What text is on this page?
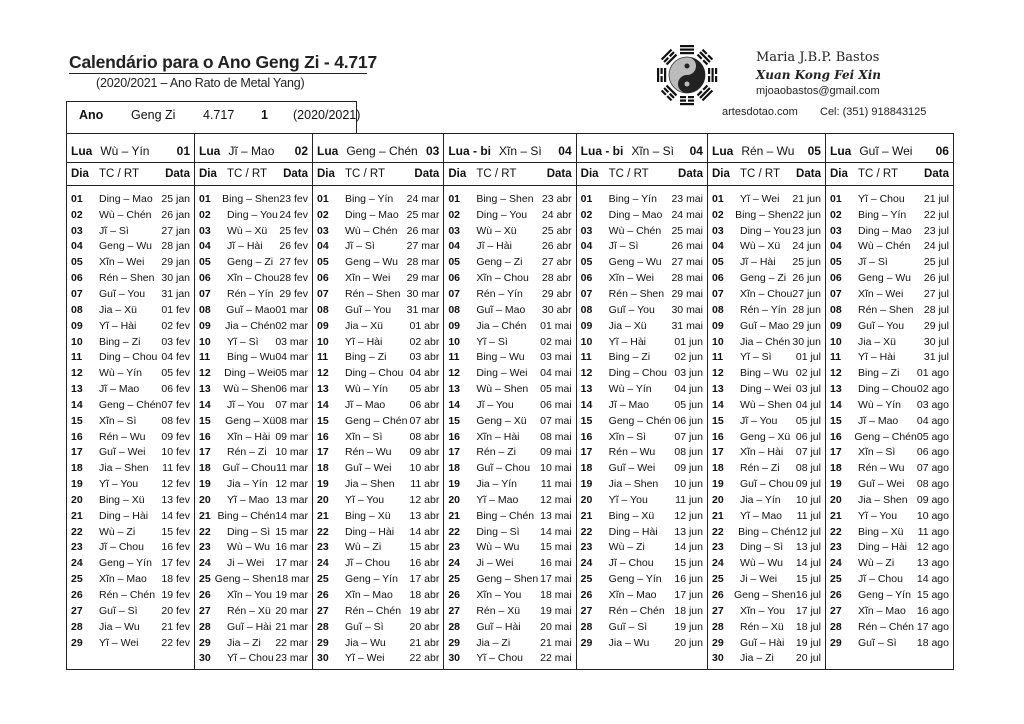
Calendário para o Ano Geng Zi - 4.717
(2020/2021 – Ano Rato de Metal Yang)
Ano Geng Zi 4.717 1 (2020/2021)
Maria J.B.P. Bastos
Xuan Kong Fei Xin
mjoaobastos@gmail.com
artesdotao.com Cel: (351) 918843125
Lua Wù – Yín	01
Dia TC / RT	Data
01	Ding – Mao 25 jan
02	Wù – Chén 26 jan
03	Jĩ – Sì	27 jan
04	Geng – Wu 28 jan
05	Xĩn – Wei	29 jan
06	Rén – Shen 30 jan
07	Guĩ – You	31 jan
08	Jia – Xü	01 fev
09	Yĩ – Hài	02 fev
10	Bing – Zi	03 fev
11	Ding – Chou 04 fev
12	Wù – Yín	05 fev
13	Jĩ – Mao	06 fev
14	Geng – Chén 07 fev
15	Xĩn – Sì	08 fev
16	Rén – Wu	09 fev
17	Guĩ – Wei	10 fev
18	Jia – Shen	11 fev
19	Yĩ – You	12 fev
20	Bing – Xü	13 fev
21	Ding – Hài	14 fev
22	Wù – Zi	15 fev
23	Jĩ – Chou	16 fev
24	Geng – Yín 17 fev
25	Xĩn – Mao	18 fev
26	Rén – Chén 19 fev
27	Guĩ – Sì	20 fev
28	Jia – Wu	21 fev
29	Yĩ – Wei	22 fev
Lua Jĩ – Mao	02
Dia TC / RT	Data
01	Bing – Shen 23 fev
02	Ding – You 24 fev
03	Wù – Xü	25 fev
04	Jĩ – Hài	26 fev
05	Geng – Zi 27 fev
06	Xĩn – Chou 28 fev
07	Rén – Yín 29 fev
08	Guĩ – Mao 01 mar
09	Jia – Chén 02 mar
10	Yĩ – Sì	03 mar
11	Bing – Wu 04 mar
12	Ding – Wei 05 mar
13	Wù – Shen 06 mar
14	Jĩ – You	07 mar
15	Geng – Xü 08 mar
16	Xĩn – Hài 09 mar
17	Rén – Zi 10 mar
18	Guĩ – Chou 11 mar
19	Jia – Yín 12 mar
20	Yĩ – Mao 13 mar
21 Bing – Chén 14 mar
22	Ding – Sì 15 mar
23	Wù – Wu 16 mar
24	Ji – Wei	17 mar
25 Geng – Shen 18 mar
26	Xĩn – You 19 mar
27	Rén – Xü 20 mar
28	Guĩ – Hài 21 mar
29	Jia – Zi	22 mar
30	Yĩ – Chou 23 mar
Lua Geng – Chén 03
Dia TC / RT	Data
01	Bing – Yín	24 mar
02	Ding – Mao 25 mar
03	Wù – Chén 26 mar
04	Jĩ – Sì	27 mar
05	Geng – Wu 28 mar
06	Xĩn – Wei	29 mar
07	Rén – Shen 30 mar
08	Guĩ – You	31 mar
09	Jia – Xü	01 abr
10	Yĩ – Hài	02 abr
11	Bing – Zi	03 abr
12	Ding – Chou 04 abr
13	Wù – Yín	05 abr
14	Jĩ – Mao	06 abr
15	Geng – Chén 07 abr
16	Xĩn – Sì	08 abr
17	Rén – Wu	09 abr
18	Guĩ – Wei	10 abr
19	Jia – Shen	11 abr
20	Yĩ – You	12 abr
21	Bing – Xü	13 abr
22	Ding – Hài	14 abr
23	Wù – Zi	15 abr
24	Jĩ – Chou	16 abr
25	Geng – Yín	17 abr
26	Xĩn – Mao	18 abr
27	Rén – Chén 19 abr
28	Guĩ – Sì	20 abr
29	Jia – Wu	21 abr
30	Yĩ – Wei	22 abr
Lua - bi Xĩn – Sì	04
Dia TC / RT	Data
01	Bing – Shen 23 abr
02	Ding – You	24 abr
03	Wù – Xü	25 abr
04	Jĩ – Hài	26 abr
05	Geng – Zi	27 abr
06	Xĩn – Chou	28 abr
07	Rén – Yín	29 abr
08	Guĩ – Mao	30 abr
09	Jia – Chén	01 mai
10	Yĩ – Sì	02 mai
11	Bing – Wu	03 mai
12	Ding – Wei	04 mai
13	Wù – Shen	05 mai
14	Jĩ – You	06 mai
15	Geng – Xü	07 mai
16	Xĩn – Hài	08 mai
17	Rén – Zi	09 mai
18	Guĩ – Chou 10 mai
19	Jia – Yín	11 mai
20	Yĩ – Mao	12 mai
21	Bing – Chén 13 mai
22	Ding – Sì	14 mai
23	Wù – Wu	15 mai
24	Ji – Wei	16 mai
25	Geng – Shen 17 mai
26	Xĩn – You	18 mai
27	Rén – Xü	19 mai
28	Guĩ – Hài	20 mai
29	Jia – Zi	21 mai
30	Yĩ – Chou	22 mai
Lua - bi Xĩn – Sì	04
Dia TC / RT	Data
01	Bing – Yín	23 mai
02	Ding – Mao 24 mai
03	Wù – Chén 25 mai
04	Jĩ – Sì	26 mai
05	Geng – Wu 27 mai
06	Xĩn – Wei	28 mai
07	Rén – Shen 29 mai
08	Guĩ – You	30 mai
09	Jia – Xü	31 mai
10	Yĩ – Hài	01 jun
11	Bing – Zi	02 jun
12	Ding – Chou 03 jun
13	Wù – Yín	04 jun
14	Jĩ – Mao	05 jun
15	Geng – Chén 06 jun
16	Xĩn – Sì	07 jun
17	Rén – Wu	08 jun
18	Guĩ – Wei	09 jun
19	Jia – Shen	10 jun
20	Yĩ – You	11 jun
21	Bing – Xü	12 jun
22	Ding – Hài	13 jun
23	Wù – Zi	14 jun
24	Jĩ – Chou	15 jun
25	Geng – Yín	16 jun
26	Xĩn – Mao	17 jun
27	Rén – Chén 18 jun
28	Guĩ – Sì	19 jun
29	Jia – Wu	20 jun
Lua Rén – Wu	05
Dia TC / RT	Data
01	Yĩ – Wei	21 jun
02	Bing – Shen 22 jun
03	Ding – You 23 jun
04	Wù – Xü	24 jun
05	Jĩ – Hài	25 jun
06	Geng – Zi 26 jun
07	Xĩn – Chou 27 jun
08	Rén – Yín 28 jun
09	Guĩ – Mao 29 jun
10	Jia – Chén 30 jun
11	Yĩ – Sì	01 jul
12	Bing – Wu 02 jul
13	Ding – Wei 03 jul
14	Wù – Shen 04 jul
15	Jĩ – You	05 jul
16	Geng – Xü 06 jul
17	Xĩn – Hài	07 jul
18	Rén – Zi	08 jul
19	Guĩ – Chou 09 jul
20	Jia – Yín	10 jul
21	Yĩ – Mao	11 jul
22	Bing – Chén 12 jul
23	Ding – Sì	13 jul
24	Wù – Wu	14 jul
25	Ji – Wei	15 jul
26 Geng – Shen 16 jul
27	Xĩn – You	17 jul
28	Rén – Xü	18 jul
29	Guĩ – Hài	19 jul
30	Jia – Zi	20 jul
Lua Guĩ – Wei	06
Dia TC / RT	Data
01	Yĩ – Chou	21 jul
02	Bing – Yín	22 jul
03	Ding – Mao	23 jul
04	Wù – Chén	24 jul
05	Jĩ – Sì	25 jul
06	Geng – Wu	26 jul
07	Xĩn – Wei	27 jul
08	Rén – Shen 28 jul
09	Guĩ – You	29 jul
10	Jia – Xü	30 jul
11	Yĩ – Hài	31 jul
12	Bing – Zi	01 ago
13	Ding – Chou 02 ago
14	Wù – Yín	03 ago
15	Jĩ – Mao	04 ago
16	Geng – Chén 05 ago
17	Xĩn – Sì	06 ago
18	Rén – Wu	07 ago
19	Guĩ – Wei	08 ago
20	Jia – Shen 09 ago
21	Yĩ – You	10 ago
22	Bing – Xü	11 ago
23	Ding – Hài 12 ago
24	Wù – Zi	13 ago
25	Jĩ – Chou	14 ago
26	Geng – Yín 15 ago
27	Xĩn – Mao	16 ago
28	Rén – Chén 17 ago
29	Guĩ – Sì	18 ago
